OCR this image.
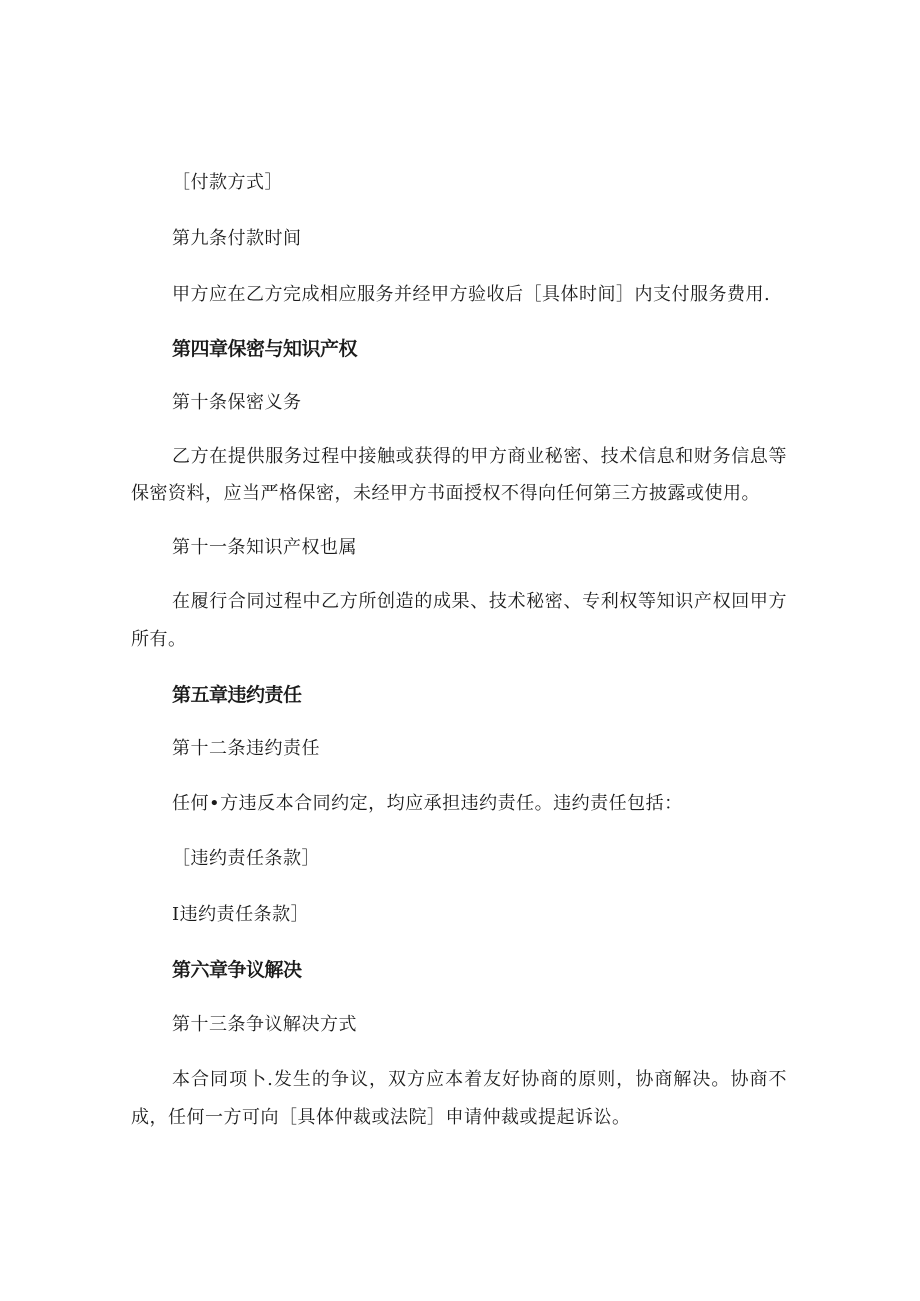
［付款方式］
第九条付款时间
甲方应在乙方完成相应服务并经甲方验收后［具体时间］内支付服务费用.
第四章保密与知识产权
第十条保密义务
乙方在提供服务过程中接触或获得的甲方商业秘密、技术信息和财务信息等
保密资料，应当严格保密，未经甲方书面授权不得向任何第三方披露或使用。
第十一条知识产权也属
在履行合同过程中乙方所创造的成果、技术秘密、专利权等知识产权回甲方
所有。
第五章违约责任
第十二条违约责任
任何•方违反本合同约定，均应承担违约责任。违约责任包括：
［违约责任条款］
I违约责任条款］
第六章争议解决
第十三条争议解决方式
本合同项卜.发生的争议，双方应本着友好协商的原则，协商解决。协商不
成，任何一方可向［具体仲裁或法院］申请仲裁或提起诉讼。
